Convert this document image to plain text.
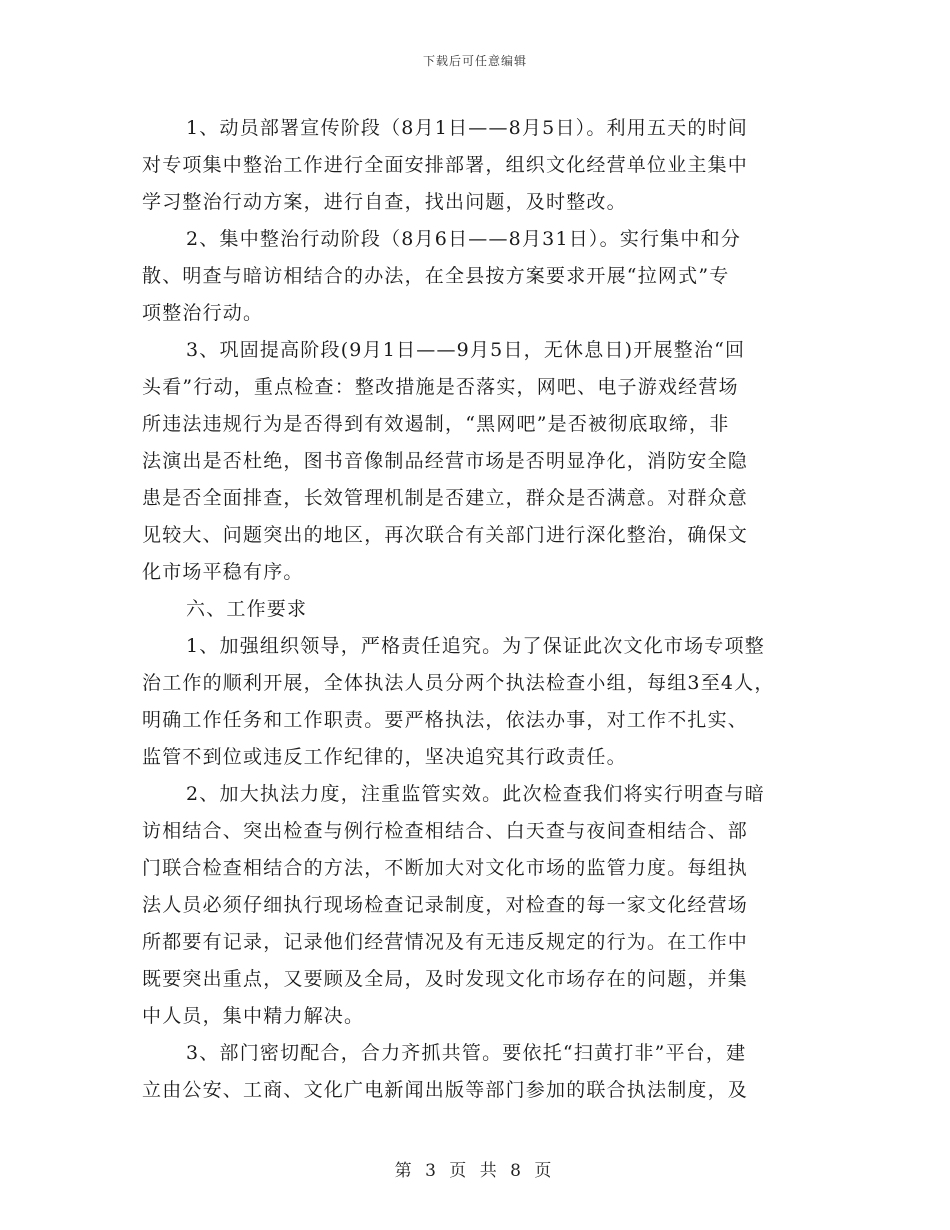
下载后可任意编辑
1、动员部署宣传阶段（8月1日——8月5日）。利用五天的时间
对专项集中整治工作进行全面安排部署，组织文化经营单位业主集中
学习整治行动方案，进行自查，找出问题，及时整改。
2、集中整治行动阶段（8月6日——8月31日）。实行集中和分
散、明查与暗访相结合的办法，在全县按方案要求开展“拉网式”专
项整治行动。
3、巩固提高阶段(9月1日——9月5日，无休息日)开展整治“回
头看”行动，重点检查：整改措施是否落实，网吧、电子游戏经营场
所违法违规行为是否得到有效遏制，“黑网吧”是否被彻底取缔，非
法演出是否杜绝，图书音像制品经营市场是否明显净化，消防安全隐
患是否全面排查，长效管理机制是否建立，群众是否满意。对群众意
见较大、问题突出的地区，再次联合有关部门进行深化整治，确保文
化市场平稳有序。
六、工作要求
1、加强组织领导，严格责任追究。为了保证此次文化市场专项整
治工作的顺利开展，全体执法人员分两个执法检查小组，每组3至4人，
明确工作任务和工作职责。要严格执法，依法办事，对工作不扎实、
监管不到位或违反工作纪律的，坚决追究其行政责任。
2、加大执法力度，注重监管实效。此次检查我们将实行明查与暗
访相结合、突出检查与例行检查相结合、白天查与夜间查相结合、部
门联合检查相结合的方法，不断加大对文化市场的监管力度。每组执
法人员必须仔细执行现场检查记录制度，对检查的每一家文化经营场
所都要有记录，记录他们经营情况及有无违反规定的行为。在工作中
既要突出重点，又要顾及全局，及时发现文化市场存在的问题，并集
中人员，集中精力解决。
3、部门密切配合，合力齐抓共管。要依托“扫黄打非”平台，建
立由公安、工商、文化广电新闻出版等部门参加的联合执法制度，及
第 3 页 共 8 页
